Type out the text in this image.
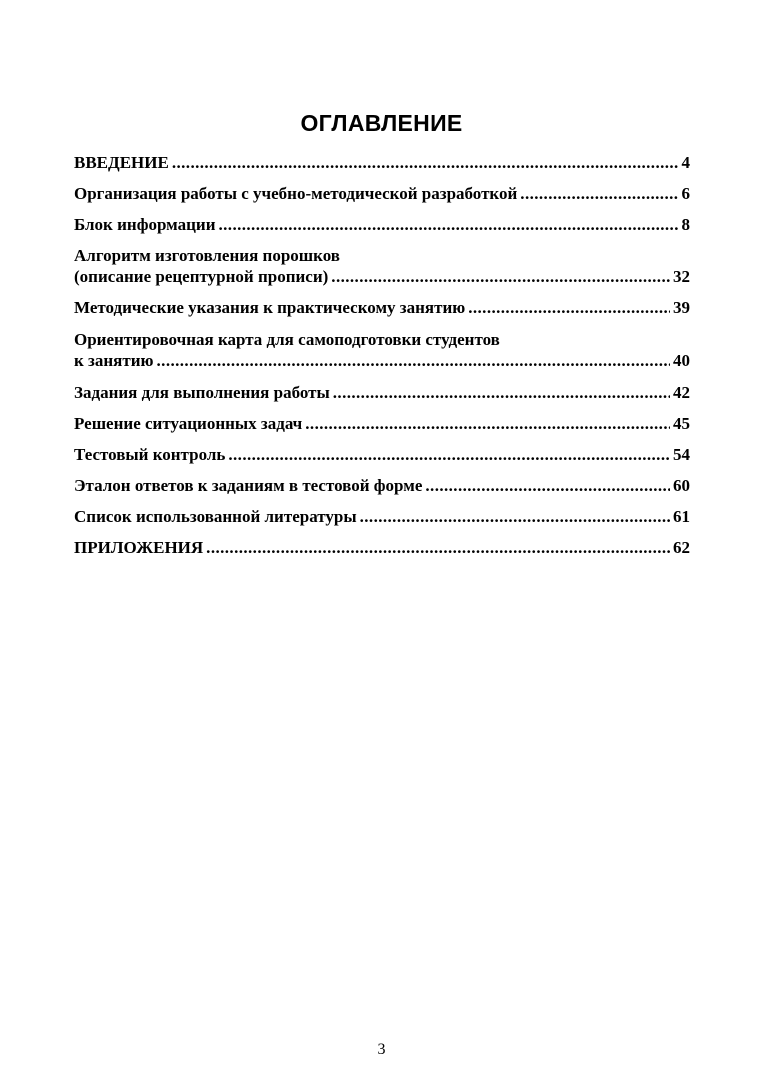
ОГЛАВЛЕНИЕ
ВВЕДЕНИЕ .....	4
Организация работы с учебно-методической разработкой .....	6
Блок информации .....	8
Алгоритм изготовления порошков
(описание рецептурной прописи) .....	32
Методические указания к практическому занятию .....	39
Ориентировочная карта для самоподготовки студентов
к занятию .....	40
Задания для выполнения работы .....	42
Решение ситуационных задач .....	45
Тестовый контроль .....	54
Эталон ответов к заданиям в тестовой форме .....	60
Список использованной литературы .....	61
ПРИЛОЖЕНИЯ .....	62
3
